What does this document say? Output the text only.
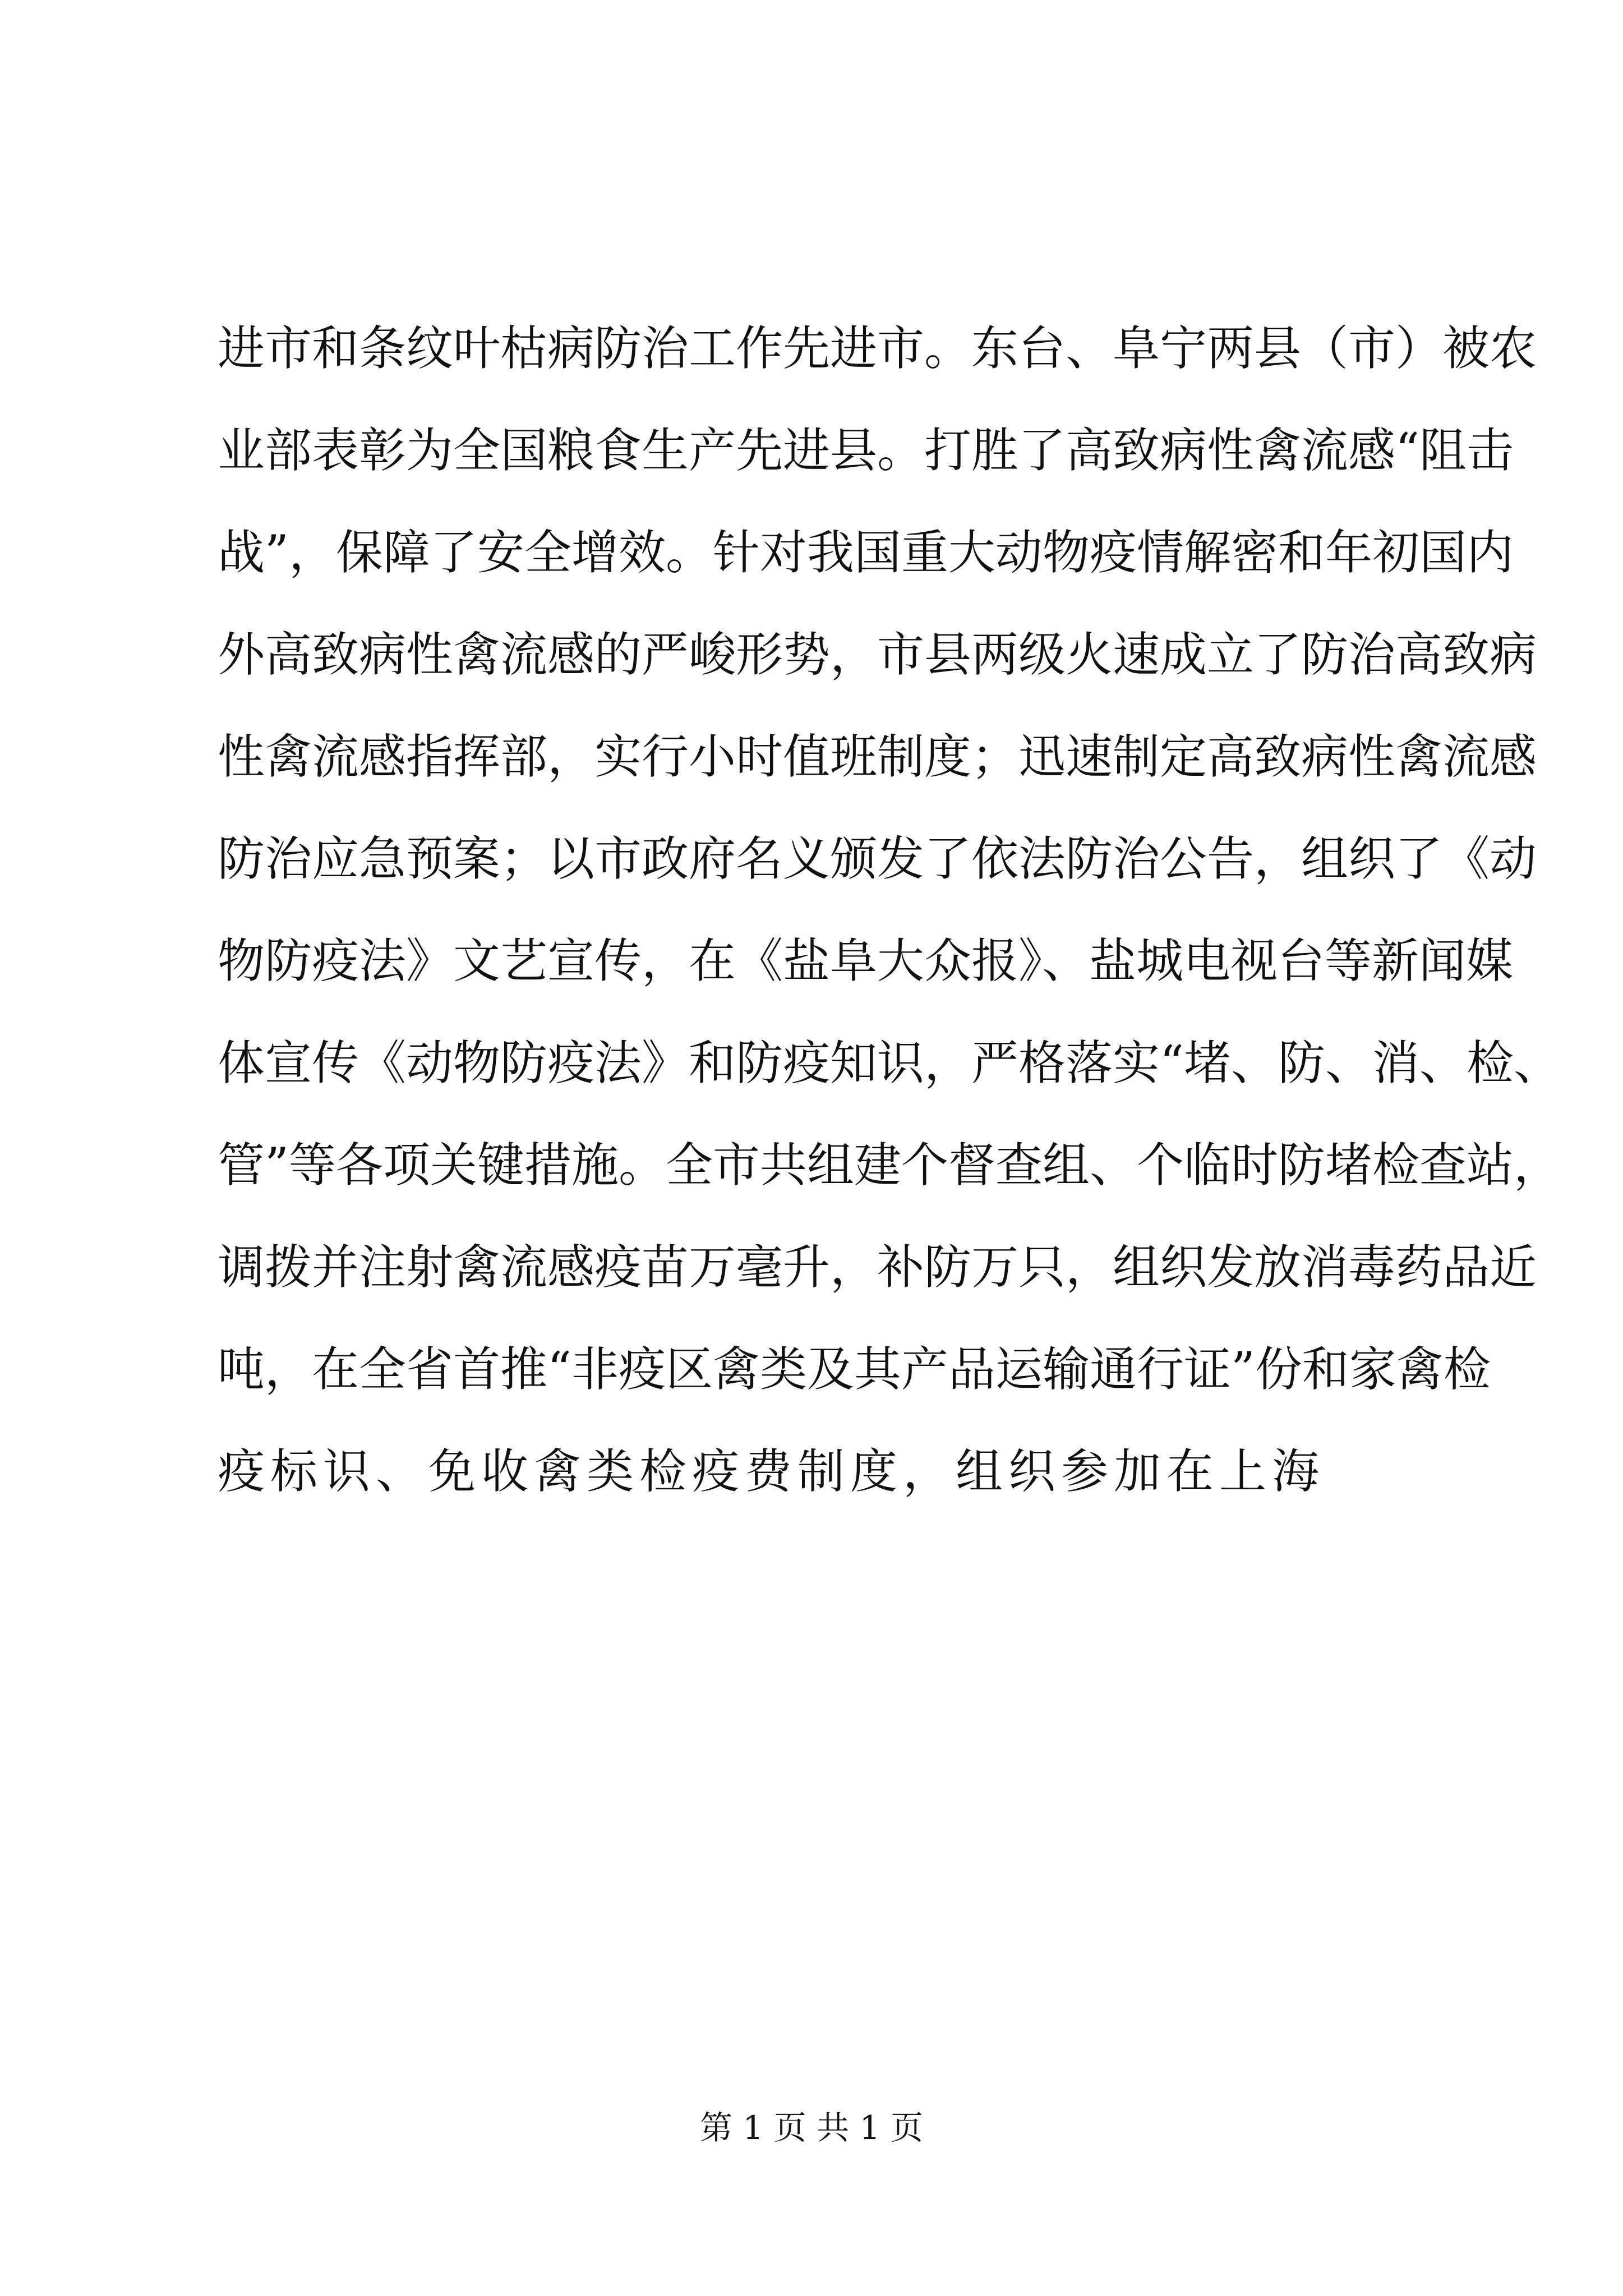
进市和条纹叶枯病防治工作先进市。东台、阜宁两县（市）被农
业部表彰为全国粮食生产先进县。打胜了高致病性禽流感“阻击
战”，保障了安全增效。针对我国重大动物疫情解密和年初国内
外高致病性禽流感的严峻形势，市县两级火速成立了防治高致病
性禽流感指挥部，实行小时值班制度；迅速制定高致病性禽流感
防治应急预案；以市政府名义颁发了依法防治公告，组织了《动
物防疫法》文艺宣传，在《盐阜大众报》、盐城电视台等新闻媒
体宣传《动物防疫法》和防疫知识，严格落实“堵、防、消、检、
管”等各项关键措施。全市共组建个督查组、个临时防堵检查站，
调拨并注射禽流感疫苗万毫升，补防万只，组织发放消毒药品近
吨，在全省首推“非疫区禽类及其产品运输通行证”份和家禽检
疫标识、免收禽类检疫费制度，组织参加在上海
第 1 页 共 1 页
